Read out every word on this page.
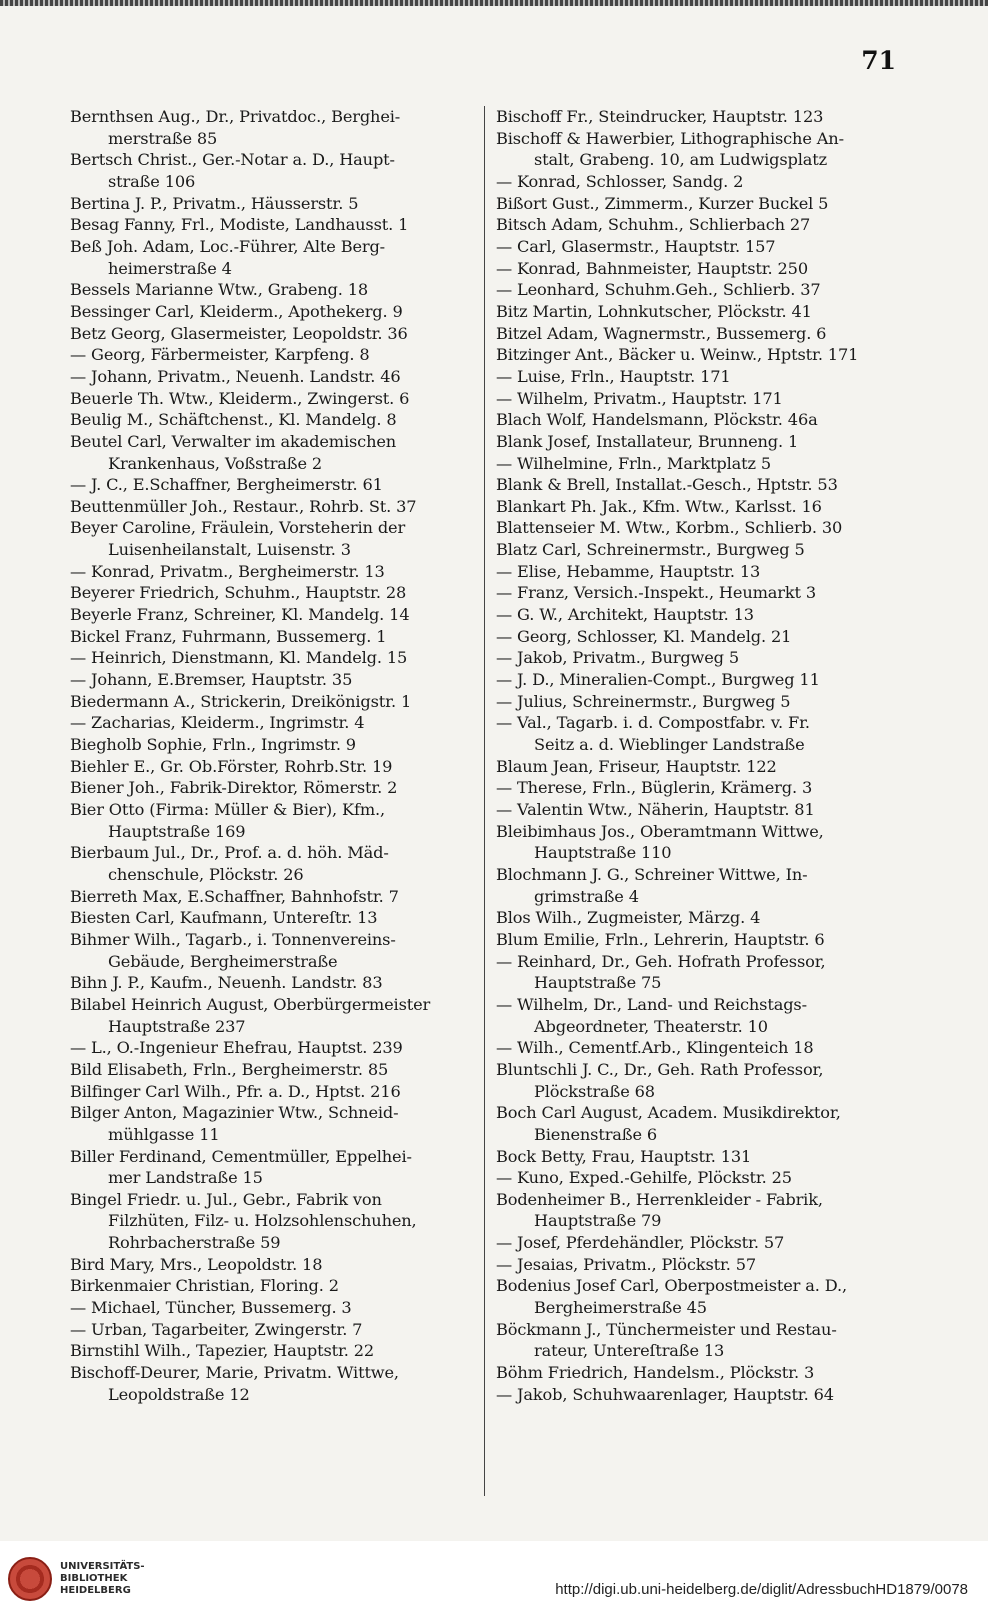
71
Bernthsen Aug., Dr., Privatdoc., Berghei-
merstraße 85
Bertsch Christ., Ger.-Notar a. D., Haupt-
straße 106
Bertina J. P., Privatm., Häusserstr. 5
Besag Fanny, Frl., Modiste, Landhausst. 1
Beß Joh. Adam, Loc.-Führer, Alte Berg-
heimerstraße 4
Bessels Marianne Wtw., Grabeng. 18
Bessinger Carl, Kleiderm., Apothekerg. 9
Betz Georg, Glasermeister, Leopoldstr. 36
— Georg, Färbermeister, Karpfeng. 8
— Johann, Privatm., Neuenh. Landstr. 46
Beuerle Th. Wtw., Kleiderm., Zwingerst. 6
Beulig M., Schäftchenst., Kl. Mandelg. 8
Beutel Carl, Verwalter im akademischen
Krankenhaus, Voßstraße 2
— J. C., E.Schaffner, Bergheimerstr. 61
Beuttenmüller Joh., Restaur., Rohrb. St. 37
Beyer Caroline, Fräulein, Vorsteherin der
Luisenheilanstalt, Luisenstr. 3
— Konrad, Privatm., Bergheimerstr. 13
Beyerer Friedrich, Schuhm., Hauptstr. 28
Beyerle Franz, Schreiner, Kl. Mandelg. 14
Bickel Franz, Fuhrmann, Bussemerg. 1
— Heinrich, Dienstmann, Kl. Mandelg. 15
— Johann, E.Bremser, Hauptstr. 35
Biedermann A., Strickerin, Dreikönigstr. 1
— Zacharias, Kleiderm., Ingrimstr. 4
Biegholb Sophie, Frln., Ingrimstr. 9
Biehler E., Gr. Ob.Förster, Rohrb.Str. 19
Biener Joh., Fabrik-Direktor, Römerstr. 2
Bier Otto (Firma: Müller & Bier), Kfm.,
Hauptstraße 169
Bierbaum Jul., Dr., Prof. a. d. höh. Mäd-
chenschule, Plöckstr. 26
Bierreth Max, E.Schaffner, Bahnhofstr. 7
Biesten Carl, Kaufmann, Untereſtr. 13
Bihmer Wilh., Tagarb., i. Tonnenvereins-
Gebäude, Bergheimerstraße
Bihn J. P., Kaufm., Neuenh. Landstr. 83
Bilabel Heinrich August, Oberbürgermeister
Hauptstraße 237
— L., O.-Ingenieur Ehefrau, Hauptst. 239
Bild Elisabeth, Frln., Bergheimerstr. 85
Bilfinger Carl Wilh., Pfr. a. D., Hptst. 216
Bilger Anton, Magazinier Wtw., Schneid-
mühlgasse 11
Biller Ferdinand, Cementmüller, Eppelhei-
mer Landstraße 15
Bingel Friedr. u. Jul., Gebr., Fabrik von
Filzhüten, Filz- u. Holzsohlenschuhen,
Rohrbacherstraße 59
Bird Mary, Mrs., Leopoldstr. 18
Birkenmaier Christian, Floring. 2
— Michael, Tüncher, Bussemerg. 3
— Urban, Tagarbeiter, Zwingerstr. 7
Birnstihl Wilh., Tapezier, Hauptstr. 22
Bischoff-Deurer, Marie, Privatm. Wittwe,
Leopoldstraße 12
Bischoff Fr., Steindrucker, Hauptstr. 123
Bischoff & Hawerbier, Lithographische An-
stalt, Grabeng. 10, am Ludwigsplatz
— Konrad, Schlosser, Sandg. 2
Bißort Gust., Zimmerm., Kurzer Buckel 5
Bitsch Adam, Schuhm., Schlierbach 27
— Carl, Glasermstr., Hauptstr. 157
— Konrad, Bahnmeister, Hauptstr. 250
— Leonhard, Schuhm.Geh., Schlierb. 37
Bitz Martin, Lohnkutscher, Plöckstr. 41
Bitzel Adam, Wagnermstr., Bussemerg. 6
Bitzinger Ant., Bäcker u. Weinw., Hptstr. 171
— Luise, Frln., Hauptstr. 171
— Wilhelm, Privatm., Hauptstr. 171
Blach Wolf, Handelsmann, Plöckstr. 46a
Blank Josef, Installateur, Brunneng. 1
— Wilhelmine, Frln., Marktplatz 5
Blank & Brell, Installat.-Gesch., Hptstr. 53
Blankart Ph. Jak., Kfm. Wtw., Karlsst. 16
Blattenseier M. Wtw., Korbm., Schlierb. 30
Blatz Carl, Schreinermstr., Burgweg 5
— Elise, Hebamme, Hauptstr. 13
— Franz, Versich.-Inspekt., Heumarkt 3
— G. W., Architekt, Hauptstr. 13
— Georg, Schlosser, Kl. Mandelg. 21
— Jakob, Privatm., Burgweg 5
— J. D., Mineralien-Compt., Burgweg 11
— Julius, Schreinermstr., Burgweg 5
— Val., Tagarb. i. d. Compostfabr. v. Fr.
Seitz a. d. Wieblinger Landstraße
Blaum Jean, Friseur, Hauptstr. 122
— Therese, Frln., Büglerin, Krämerg. 3
— Valentin Wtw., Näherin, Hauptstr. 81
Bleibimhaus Jos., Oberamtmann Wittwe,
Hauptstraße 110
Blochmann J. G., Schreiner Wittwe, In-
grimstraße 4
Blos Wilh., Zugmeister, Märzg. 4
Blum Emilie, Frln., Lehrerin, Hauptstr. 6
— Reinhard, Dr., Geh. Hofrath Professor,
Hauptstraße 75
— Wilhelm, Dr., Land- und Reichstags-
Abgeordneter, Theaterstr. 10
— Wilh., Cementf.Arb., Klingenteich 18
Bluntschli J. C., Dr., Geh. Rath Professor,
Plöckstraße 68
Boch Carl August, Academ. Musikdirektor,
Bienenstraße 6
Bock Betty, Frau, Hauptstr. 131
— Kuno, Exped.-Gehilfe, Plöckstr. 25
Bodenheimer B., Herrenkleider - Fabrik,
Hauptstraße 79
— Josef, Pferdehändler, Plöckstr. 57
— Jesaias, Privatm., Plöckstr. 57
Bodenius Josef Carl, Oberpostmeister a. D.,
Bergheimerstraße 45
Böckmann J., Tünchermeister und Restau-
rateur, Untereſtraße 13
Böhm Friedrich, Handelsm., Plöckstr. 3
— Jakob, Schuhwaarenlager, Hauptstr. 64
UNIVERSITÄTS-
BIBLIOTHEK
HEIDELBERG	http://digi.ub.uni-heidelberg.de/diglit/AdressbuchHD1879/0078
